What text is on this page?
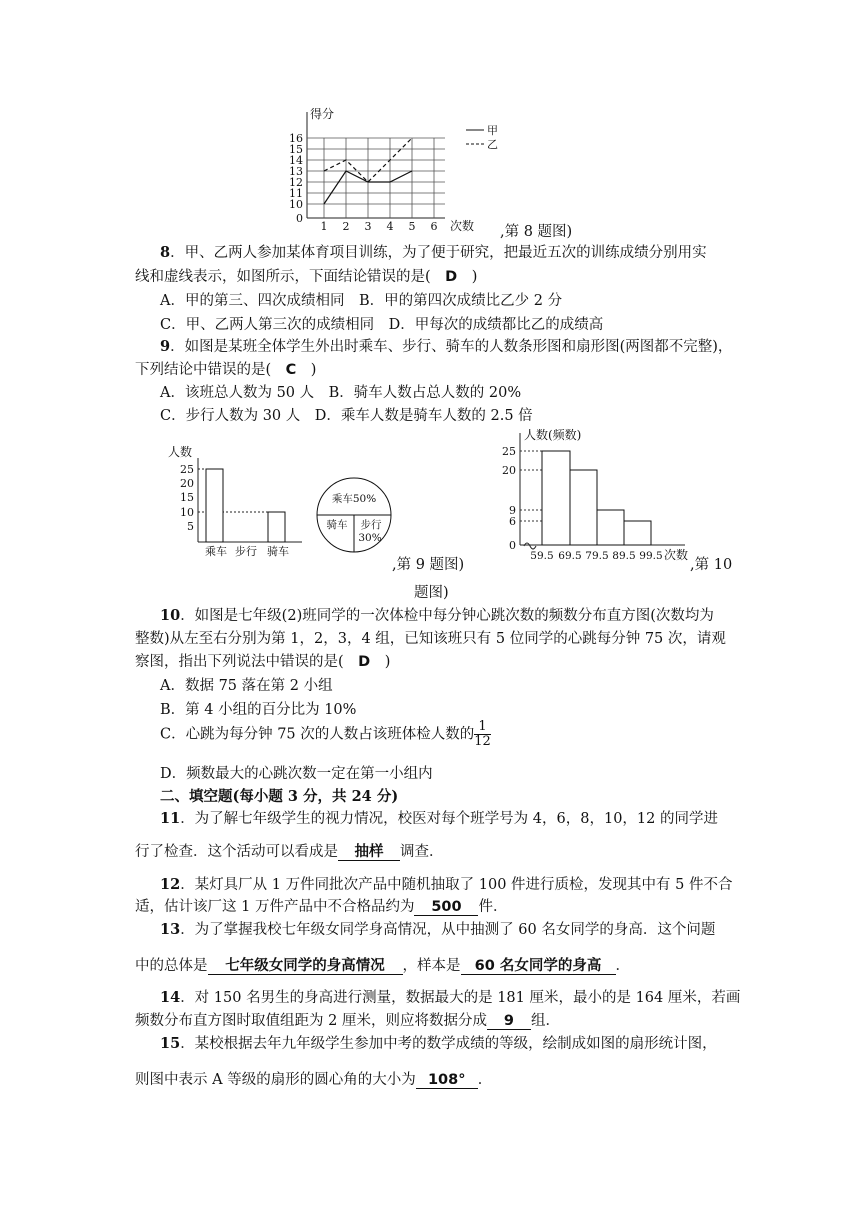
得分
0
10
11
12
13
14
15
16
1 2 3 4 5 6 次数
甲
乙
,第 8 题图)
8．甲、乙两人参加某体育项目训练，为了便于研究，把最近五次的训练成绩分别用实
线和虚线表示，如图所示，下面结论错误的是(　D　)
A．甲的第三、四次成绩相同　B．甲的第四次成绩比乙少 2 分
C．甲、乙两人第三次的成绩相同　D．甲每次的成绩都比乙的成绩高
9．如图是某班全体学生外出时乘车、步行、骑车的人数条形图和扇形图(两图都不完整)，
下列结论中错误的是(　C　)
A．该班总人数为 50 人　B．骑车人数占总人数的 20%
C．步行人数为 30 人　D．乘车人数是骑车人数的 2.5 倍
人数
5
10
15
20
25
乘车 步行 骑车
乘车50%
骑车 步行
30%
,第 9 题图)
人数(频数)
0
6
9
20
25
59.5 69.5 79.5 89.5 99.5 次数
,第 10
题图)
10．如图是七年级(2)班同学的一次体检中每分钟心跳次数的频数分布直方图(次数均为
整数)从左至右分别为第 1，2，3，4 组，已知该班只有 5 位同学的心跳每分钟 75 次，请观
察图，指出下列说法中错误的是(　D　)
A．数据 75 落在第 2 小组
B．第 4 小组的百分比为 10%
C．心跳为每分钟 75 次的人数占该班体检人数的 $\frac{1}{12}$
D．频数最大的心跳次数一定在第一小组内
二、填空题(每小题 3 分，共 24 分)
11．为了解七年级学生的视力情况，校医对每个班学号为 4，6，8，10，12 的同学进
行了检查．这个活动可以看成是 抽样 调查．
12．某灯具厂从 1 万件同批次产品中随机抽取了 100 件进行质检，发现其中有 5 件不合
适，估计该厂这 1 万件产品中不合格品约为 500 件．
13．为了掌握我校七年级女同学身高情况，从中抽测了 60 名女同学的身高．这个问题
中的总体是 七年级女同学的身高情况 ，样本是 60 名女同学的身高 ．
14．对 150 名男生的身高进行测量，数据最大的是 181 厘米，最小的是 164 厘米，若画
频数分布直方图时取值组距为 2 厘米，则应将数据分成 9 组．
15．某校根据去年九年级学生参加中考的数学成绩的等级，绘制成如图的扇形统计图，
则图中表示 A 等级的扇形的圆心角的大小为 108° ．
